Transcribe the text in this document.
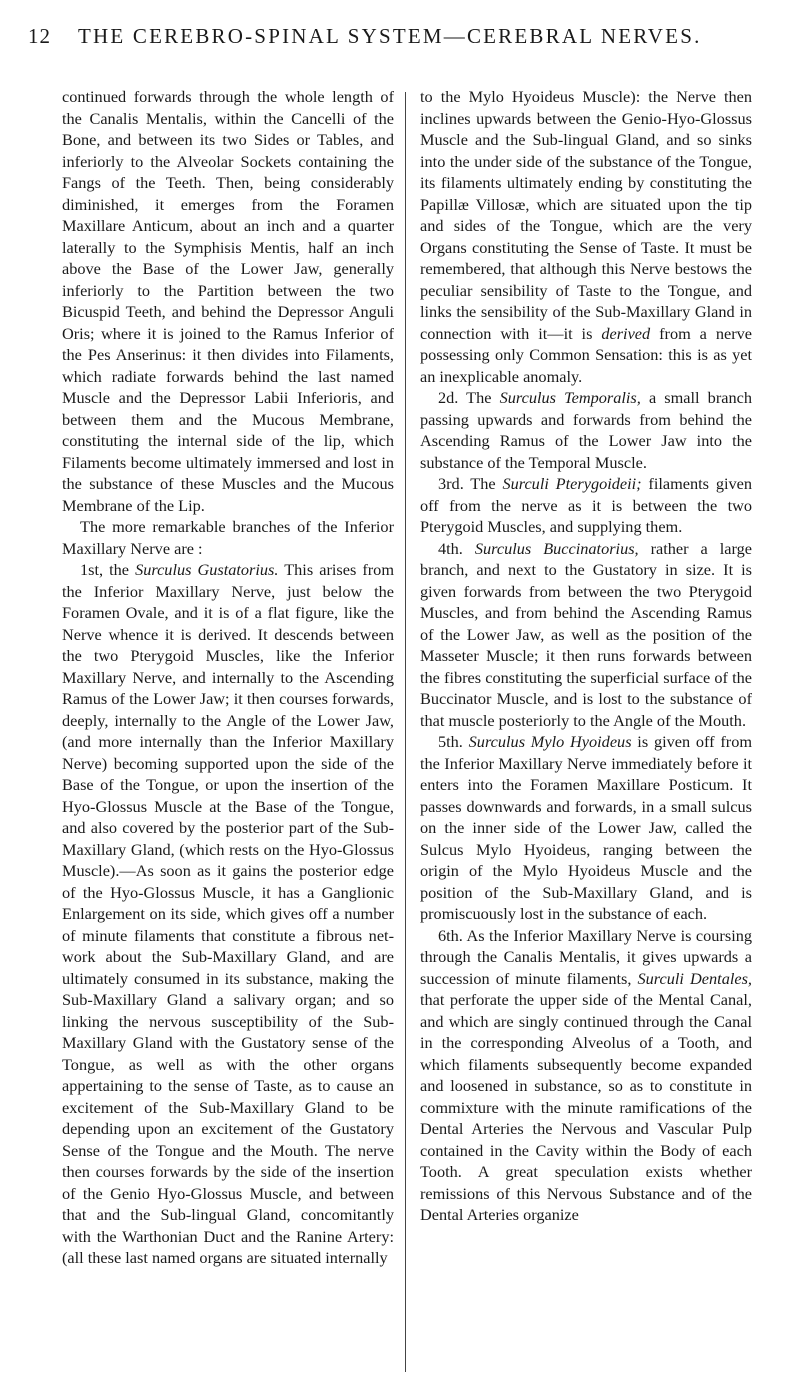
12 THE CEREBRO-SPINAL SYSTEM—CEREBRAL NERVES.

continued forwards through the whole length of the Canalis Mentalis, within the Cancelli of the Bone, and between its two Sides or Tables, and inferiorly to the Alveolar Sockets containing the Fangs of the Teeth. Then, being considerably diminished, it emerges from the Foramen Maxillare Anticum, about an inch and a quarter laterally to the Symphisis Mentis, half an inch above the Base of the Lower Jaw, generally inferiorly to the Partition between the two Bicuspid Teeth, and behind the Depressor Anguli Oris; where it is joined to the Ramus Inferior of the Pes Anserinus: it then divides into Filaments, which radiate forwards behind the last named Muscle and the Depressor Labii Inferioris, and between them and the Mucous Membrane, constituting the internal side of the lip, which Filaments become ultimately immersed and lost in the substance of these Muscles and the Mucous Membrane of the Lip.

The more remarkable branches of the Inferior Maxillary Nerve are :

1st, the Surculus Gustatorius. This arises from the Inferior Maxillary Nerve, just below the Foramen Ovale, and it is of a flat figure, like the Nerve whence it is derived. It descends between the two Pterygoid Muscles, like the Inferior Maxillary Nerve, and internally to the Ascending Ramus of the Lower Jaw; it then courses forwards, deeply, internally to the Angle of the Lower Jaw, (and more internally than the Inferior Maxillary Nerve) becoming supported upon the side of the Base of the Tongue, or upon the insertion of the Hyo-Glossus Muscle at the Base of the Tongue, and also covered by the posterior part of the Sub-Maxillary Gland, (which rests on the Hyo-Glossus Muscle).—As soon as it gains the posterior edge of the Hyo-Glossus Muscle, it has a Ganglionic Enlargement on its side, which gives off a number of minute filaments that constitute a fibrous net-work about the Sub-Maxillary Gland, and are ultimately consumed in its substance, making the Sub-Maxillary Gland a salivary organ; and so linking the nervous susceptibility of the Sub-Maxillary Gland with the Gustatory sense of the Tongue, as well as with the other organs appertaining to the sense of Taste, as to cause an excitement of the Sub-Maxillary Gland to be depending upon an excitement of the Gustatory Sense of the Tongue and the Mouth. The nerve then courses forwards by the side of the insertion of the Genio Hyo-Glossus Muscle, and between that and the Sub-lingual Gland, concomitantly with the Warthonian Duct and the Ranine Artery: (all these last named organs are situated internally

to the Mylo Hyoideus Muscle): the Nerve then inclines upwards between the Genio-Hyo-Glossus Muscle and the Sub-lingual Gland, and so sinks into the under side of the substance of the Tongue, its filaments ultimately ending by constituting the Papillæ Villosæ, which are situated upon the tip and sides of the Tongue, which are the very Organs constituting the Sense of Taste. It must be remembered, that although this Nerve bestows the peculiar sensibility of Taste to the Tongue, and links the sensibility of the Sub-Maxillary Gland in connection with it—it is derived from a nerve possessing only Common Sensation: this is as yet an inexplicable anomaly.

2d. The Surculus Temporalis, a small branch passing upwards and forwards from behind the Ascending Ramus of the Lower Jaw into the substance of the Temporal Muscle.

3rd. The Surculi Pterygoideii; filaments given off from the nerve as it is between the two Pterygoid Muscles, and supplying them.

4th. Surculus Buccinatorius, rather a large branch, and next to the Gustatory in size. It is given forwards from between the two Pterygoid Muscles, and from behind the Ascending Ramus of the Lower Jaw, as well as the position of the Masseter Muscle; it then runs forwards between the fibres constituting the superficial surface of the Buccinator Muscle, and is lost to the substance of that muscle posteriorly to the Angle of the Mouth.

5th. Surculus Mylo Hyoideus is given off from the Inferior Maxillary Nerve immediately before it enters into the Foramen Maxillare Posticum. It passes downwards and forwards, in a small sulcus on the inner side of the Lower Jaw, called the Sulcus Mylo Hyoideus, ranging between the origin of the Mylo Hyoideus Muscle and the position of the Sub-Maxillary Gland, and is promiscuously lost in the substance of each.

6th. As the Inferior Maxillary Nerve is coursing through the Canalis Mentalis, it gives upwards a succession of minute filaments, Surculi Dentales, that perforate the upper side of the Mental Canal, and which are singly continued through the Canal in the corresponding Alveolus of a Tooth, and which filaments subsequently become expanded and loosened in substance, so as to constitute in commixture with the minute ramifications of the Dental Arteries the Nervous and Vascular Pulp contained in the Cavity within the Body of each Tooth. A great speculation exists whether remissions of this Nervous Substance and of the Dental Arteries organize
